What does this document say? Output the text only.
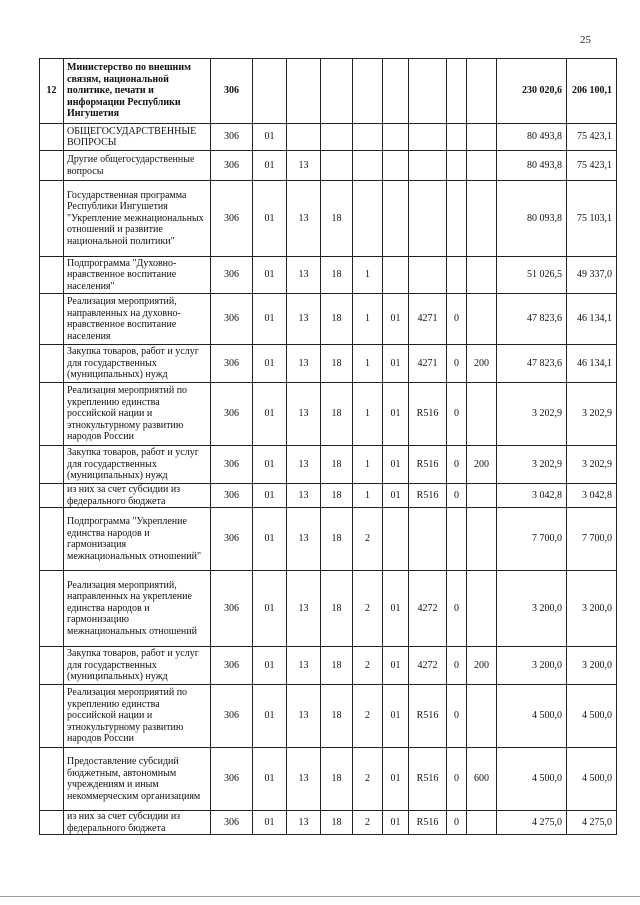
25
12	Министерство по внешним связям, национальной политике, печати и информации Республики Ингушетия	306									230 020,6	206 100,1
	ОБЩЕГОСУДАРСТВЕННЫЕ ВОПРОСЫ	306	01								80 493,8	75 423,1
	Другие общегосударственные вопросы	306	01	13							80 493,8	75 423,1
	Государственная программа Республики Ингушетия "Укрепление межнациональных отношений и развитие национальной политики"	306	01	13	18						80 093,8	75 103,1
	Подпрограмма "Духовно-нравственное воспитание населения"	306	01	13	18	1					51 026,5	49 337,0
	Реализация мероприятий, направленных на духовно-нравственное воспитание населения	306	01	13	18	1	01	4271	0		47 823,6	46 134,1
	Закупка товаров, работ и услуг для государственных (муниципальных) нужд	306	01	13	18	1	01	4271	0	200	47 823,6	46 134,1
	Реализация мероприятий по укреплению единства российской нации и этнокультурному развитию народов России	306	01	13	18	1	01	R516	0		3 202,9	3 202,9
	Закупка товаров, работ и услуг для государственных (муниципальных) нужд	306	01	13	18	1	01	R516	0	200	3 202,9	3 202,9
	из них за счет субсидии из федерального бюджета	306	01	13	18	1	01	R516	0		3 042,8	3 042,8
	Подпрограмма "Укрепление единства народов и гармонизация межнациональных отношений"	306	01	13	18	2					7 700,0	7 700,0
	Реализация мероприятий, направленных на укрепление единства народов и гармонизацию межнациональных отношений	306	01	13	18	2	01	4272	0		3 200,0	3 200,0
	Закупка товаров, работ и услуг для государственных (муниципальных) нужд	306	01	13	18	2	01	4272	0	200	3 200,0	3 200,0
	Реализация мероприятий по укреплению единства российской нации и этнокультурному развитию народов России	306	01	13	18	2	01	R516	0		4 500,0	4 500,0
	Предоставление субсидий бюджетным, автономным учреждениям и иным некоммерческим организациям	306	01	13	18	2	01	R516	0	600	4 500,0	4 500,0
	из них за счет субсидии из федерального бюджета	306	01	13	18	2	01	R516	0		4 275,0	4 275,0
